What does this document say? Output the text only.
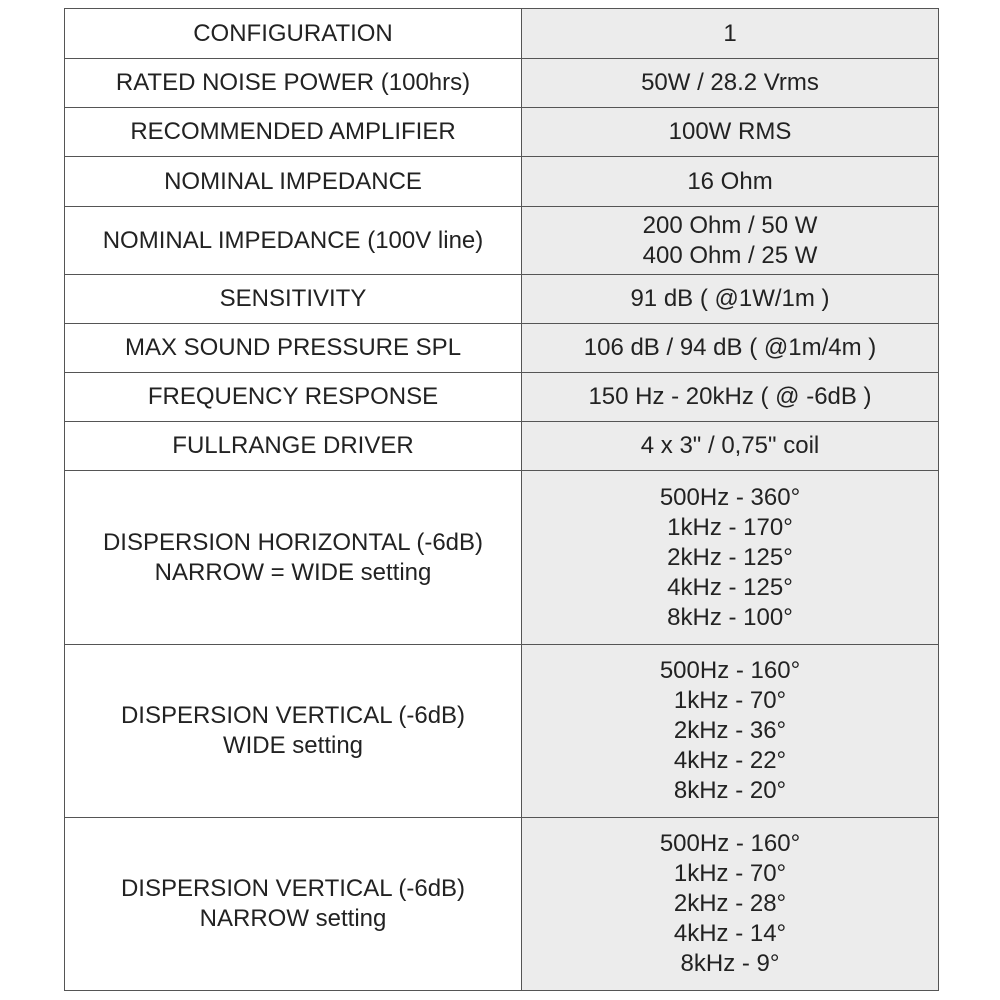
CONFIGURATION	1

RATED NOISE POWER (100hrs)	50W / 28.2 Vrms

RECOMMENDED AMPLIFIER	100W RMS

NOMINAL IMPEDANCE	16 Ohm

NOMINAL IMPEDANCE (100V line)	200 Ohm / 50 W
400 Ohm / 25 W

SENSITIVITY	91 dB ( @1W/1m )

MAX SOUND PRESSURE SPL	106 dB / 94 dB ( @1m/4m )

FREQUENCY RESPONSE	150 Hz - 20kHz ( @ -6dB )

FULLRANGE DRIVER	4 x 3" / 0,75" coil

DISPERSION HORIZONTAL (-6dB)
NARROW = WIDE setting	500Hz - 360°
1kHz - 170°
2kHz - 125°
4kHz - 125°
8kHz - 100°

DISPERSION VERTICAL (-6dB)
WIDE setting	500Hz - 160°
1kHz - 70°
2kHz - 36°
4kHz - 22°
8kHz - 20°

DISPERSION VERTICAL (-6dB)
NARROW setting	500Hz - 160°
1kHz - 70°
2kHz - 28°
4kHz - 14°
8kHz - 9°
